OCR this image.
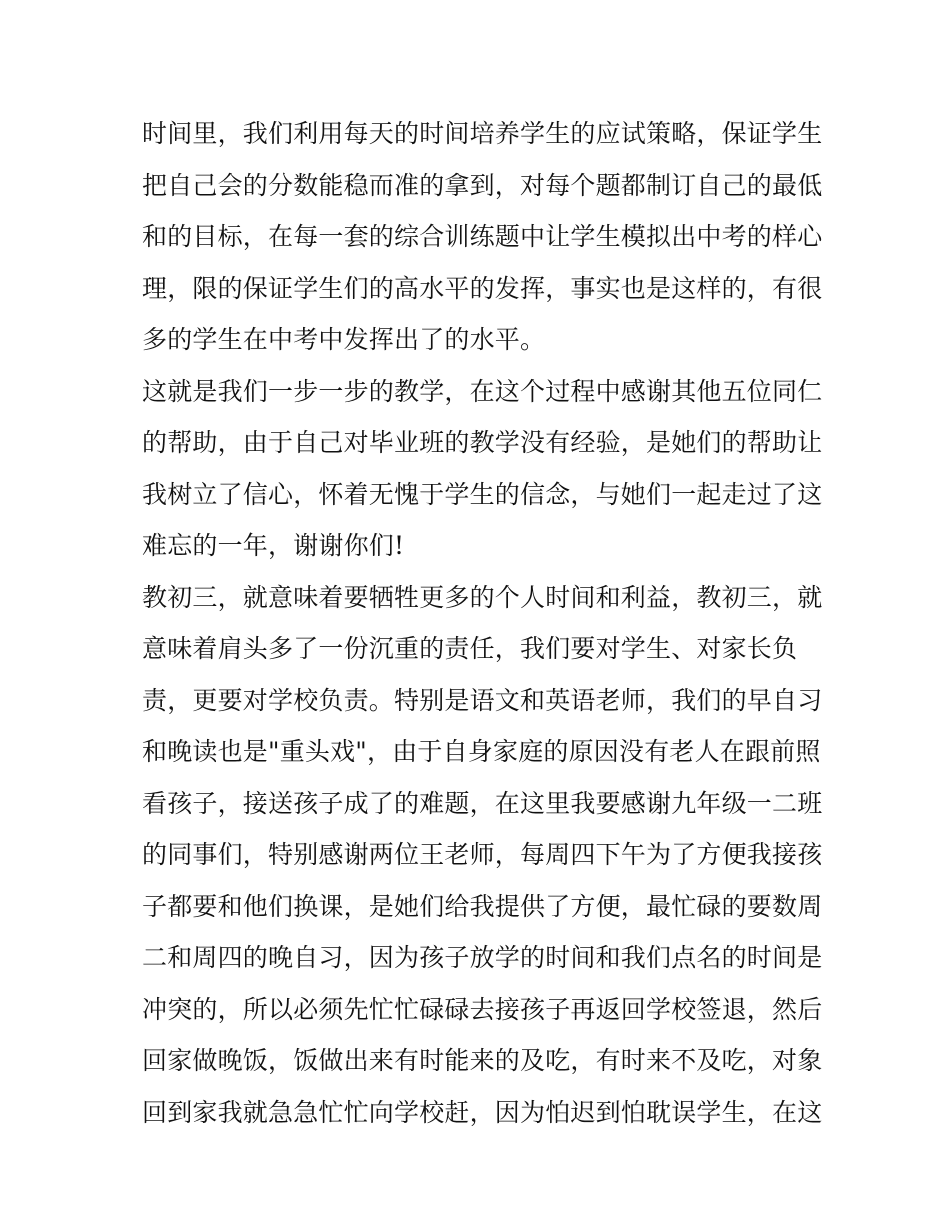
时间里，我们利用每天的时间培养学生的应试策略，保证学生
把自己会的分数能稳而准的拿到，对每个题都制订自己的最低
和的目标，在每一套的综合训练题中让学生模拟出中考的样心
理，限的保证学生们的高水平的发挥，事实也是这样的，有很
多的学生在中考中发挥出了的水平。
这就是我们一步一步的教学，在这个过程中感谢其他五位同仁
的帮助，由于自己对毕业班的教学没有经验，是她们的帮助让
我树立了信心，怀着无愧于学生的信念，与她们一起走过了这
难忘的一年，谢谢你们!
教初三，就意味着要牺牲更多的个人时间和利益，教初三，就
意味着肩头多了一份沉重的责任，我们要对学生、对家长负
责，更要对学校负责。特别是语文和英语老师，我们的早自习
和晚读也是"重头戏"，由于自身家庭的原因没有老人在跟前照
看孩子，接送孩子成了的难题，在这里我要感谢九年级一二班
的同事们，特别感谢两位王老师，每周四下午为了方便我接孩
子都要和他们换课，是她们给我提供了方便，最忙碌的要数周
二和周四的晚自习，因为孩子放学的时间和我们点名的时间是
冲突的，所以必须先忙忙碌碌去接孩子再返回学校签退，然后
回家做晚饭，饭做出来有时能来的及吃，有时来不及吃，对象
回到家我就急急忙忙向学校赶，因为怕迟到怕耽误学生，在这
